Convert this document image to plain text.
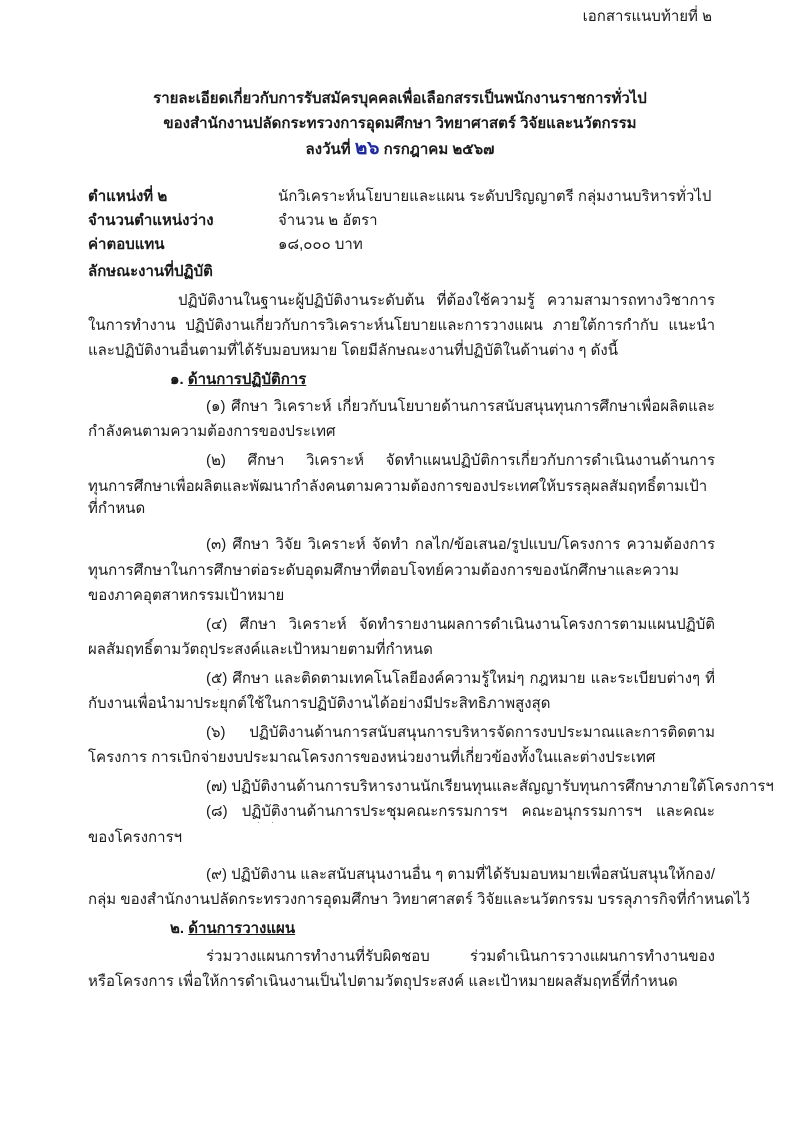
เอกสารแนบท้ายที่ ๒
รายละเอียดเกี่ยวกับการรับสมัครบุคคลเพื่อเลือกสรรเป็นพนักงานราชการทั่วไป
ของสำนักงานปลัดกระทรวงการอุดมศึกษา วิทยาศาสตร์ วิจัยและนวัตกรรม
ลงวันที่ ๒๖ กรกฎาคม ๒๕๖๗
ตำแหน่งที่ ๒	นักวิเคราะห์นโยบายและแผน ระดับปริญญาตรี กลุ่มงานบริหารทั่วไป
จำนวนตำแหน่งว่าง	จำนวน ๒ อัตรา
ค่าตอบแทน	๑๘,๐๐๐ บาท
ลักษณะงานที่ปฏิบัติ
ปฏิบัติงานในฐานะผู้ปฏิบัติงานระดับต้น ที่ต้องใช้ความรู้ ความสามารถทางวิชาการ
ในการทำงาน ปฏิบัติงานเกี่ยวกับการวิเคราะห์นโยบายและการวางแผน ภายใต้การกำกับ แนะนำ
และปฏิบัติงานอื่นตามที่ได้รับมอบหมาย โดยมีลักษณะงานที่ปฏิบัติในด้านต่าง ๆ ดังนี้
๑. ด้านการปฏิบัติการ
(๑) ศึกษา วิเคราะห์ เกี่ยวกับนโยบายด้านการสนับสนุนทุนการศึกษาเพื่อผลิตและ
กำลังคนตามความต้องการของประเทศ
(๒) ศึกษา วิเคราะห์ จัดทำแผนปฏิบัติการเกี่ยวกับการดำเนินงานด้านการ
ทุนการศึกษาเพื่อผลิตและพัฒนากำลังคนตามความต้องการของประเทศให้บรรลุผลสัมฤทธิ์ตามเป้า
ที่กำหนด
(๓) ศึกษา วิจัย วิเคราะห์ จัดทำ กลไก/ข้อเสนอ/รูปแบบ/โครงการ ความต้องการ
ทุนการศึกษาในการศึกษาต่อระดับอุดมศึกษาที่ตอบโจทย์ความต้องการของนักศึกษาและความ
ของภาคอุตสาหกรรมเป้าหมาย
(๔) ศึกษา วิเคราะห์ จัดทำรายงานผลการดำเนินงานโครงการตามแผนปฏิบัติ
ผลสัมฤทธิ์ตามวัตถุประสงค์และเป้าหมายตามที่กำหนด
(๕) ศึกษา และติดตามเทคโนโลยีองค์ความรู้ใหม่ๆ กฎหมาย และระเบียบต่างๆ ที่
กับงานเพื่อนำมาประยุกต์ใช้ในการปฏิบัติงานได้อย่างมีประสิทธิภาพสูงสุด
(๖) ปฏิบัติงานด้านการสนับสนุนการบริหารจัดการงบประมาณและการติดตาม
โครงการ การเบิกจ่ายงบประมาณโครงการของหน่วยงานที่เกี่ยวข้องทั้งในและต่างประเทศ
(๗) ปฏิบัติงานด้านการบริหารงานนักเรียนทุนและสัญญารับทุนการศึกษาภายใต้โครงการฯ
(๘) ปฏิบัติงานด้านการประชุมคณะกรรมการฯ คณะอนุกรรมการฯ และคณะ
ของโครงการฯ
(๙) ปฏิบัติงาน และสนับสนุนงานอื่น ๆ ตามที่ได้รับมอบหมายเพื่อสนับสนุนให้กอง/
กลุ่ม ของสำนักงานปลัดกระทรวงการอุดมศึกษา วิทยาศาสตร์ วิจัยและนวัตกรรม บรรลุภารกิจที่กำหนดไว้
๒. ด้านการวางแผน
ร่วมวางแผนการทำงานที่รับผิดชอบ ร่วมดำเนินการวางแผนการทำงานของ
หรือโครงการ เพื่อให้การดำเนินงานเป็นไปตามวัตถุประสงค์ และเป้าหมายผลสัมฤทธิ์ที่กำหนด
